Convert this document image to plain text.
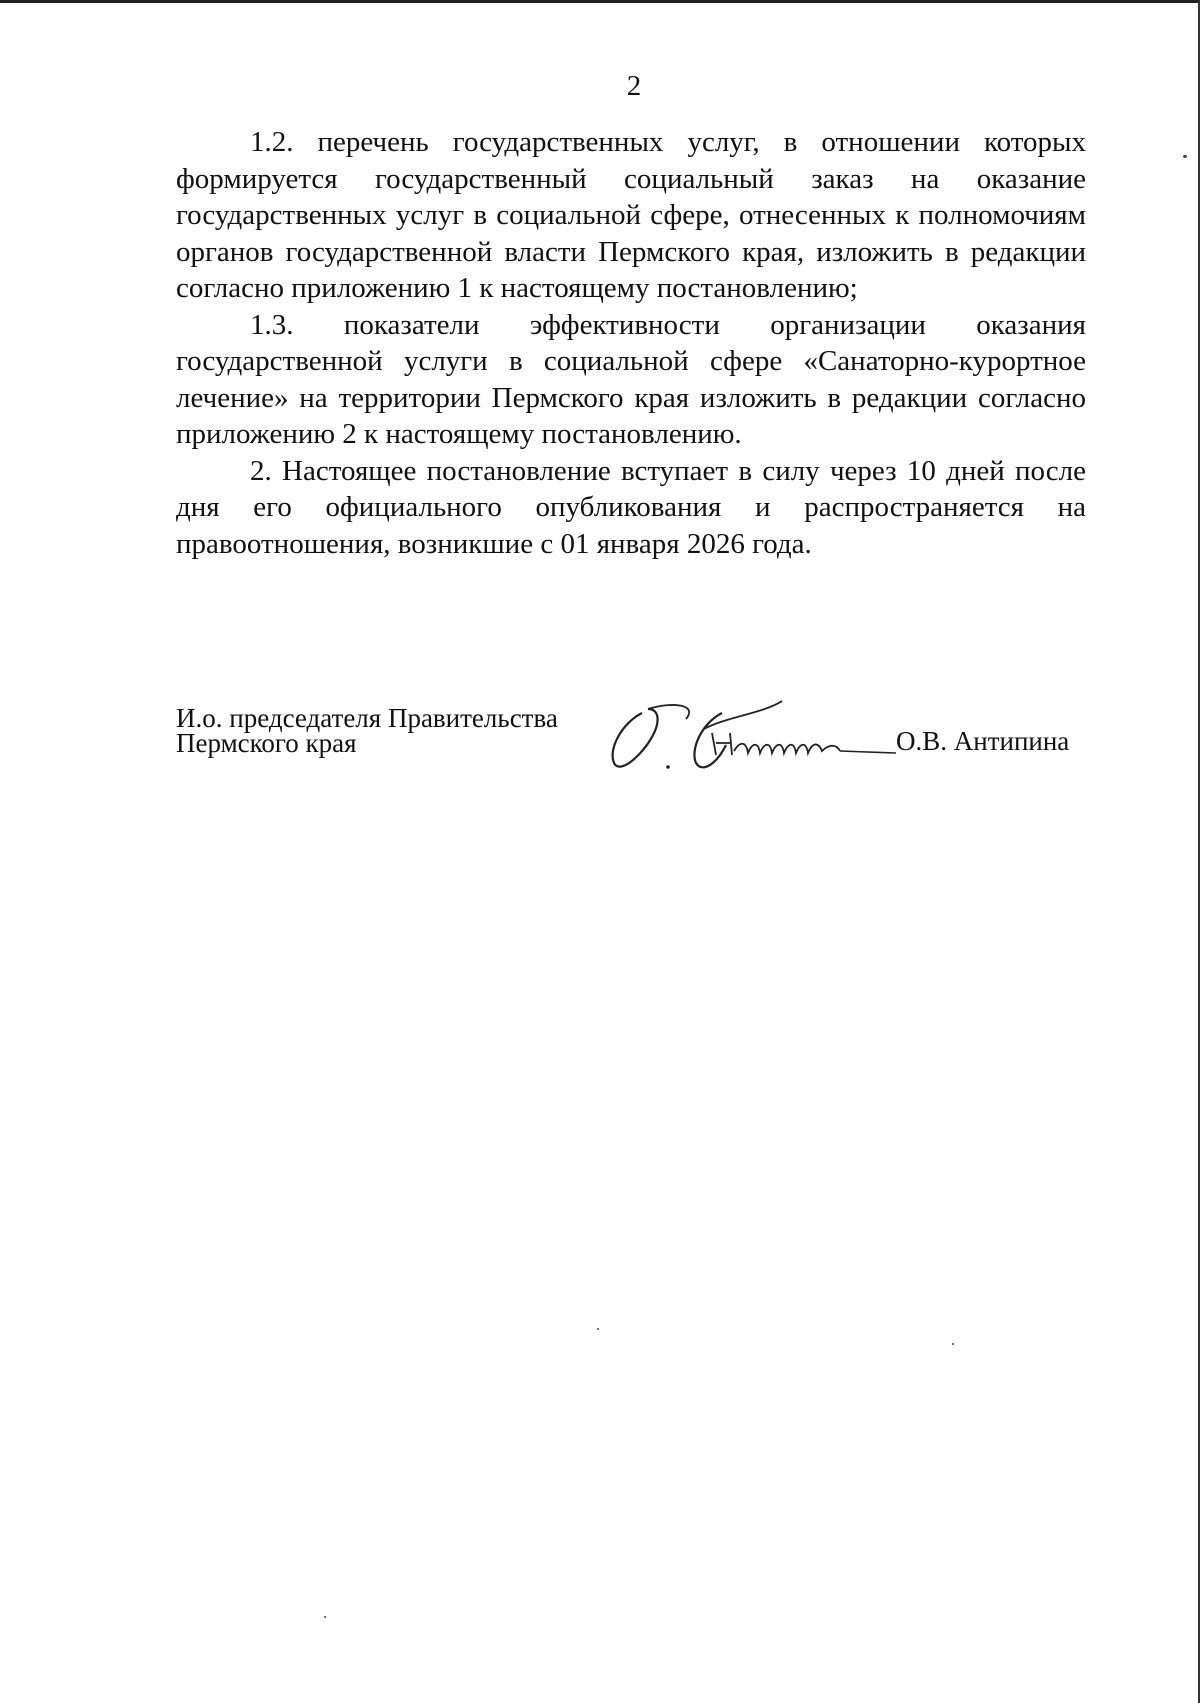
2

1.2. перечень государственных услуг, в отношении которых формируется государственный социальный заказ на оказание государственных услуг в социальной сфере, отнесенных к полномочиям органов государственной власти Пермского края, изложить в редакции согласно приложению 1 к настоящему постановлению;

1.3. показатели эффективности организации оказания государственной услуги в социальной сфере «Санаторно-курортное лечение» на территории Пермского края изложить в редакции согласно приложению 2 к настоящему постановлению.

2. Настоящее постановление вступает в силу через 10 дней после дня его официального опубликования и распространяется на правоотношения, возникшие с 01 января 2026 года.

И.о. председателя Правительства
Пермского края	О.В. Антипина
